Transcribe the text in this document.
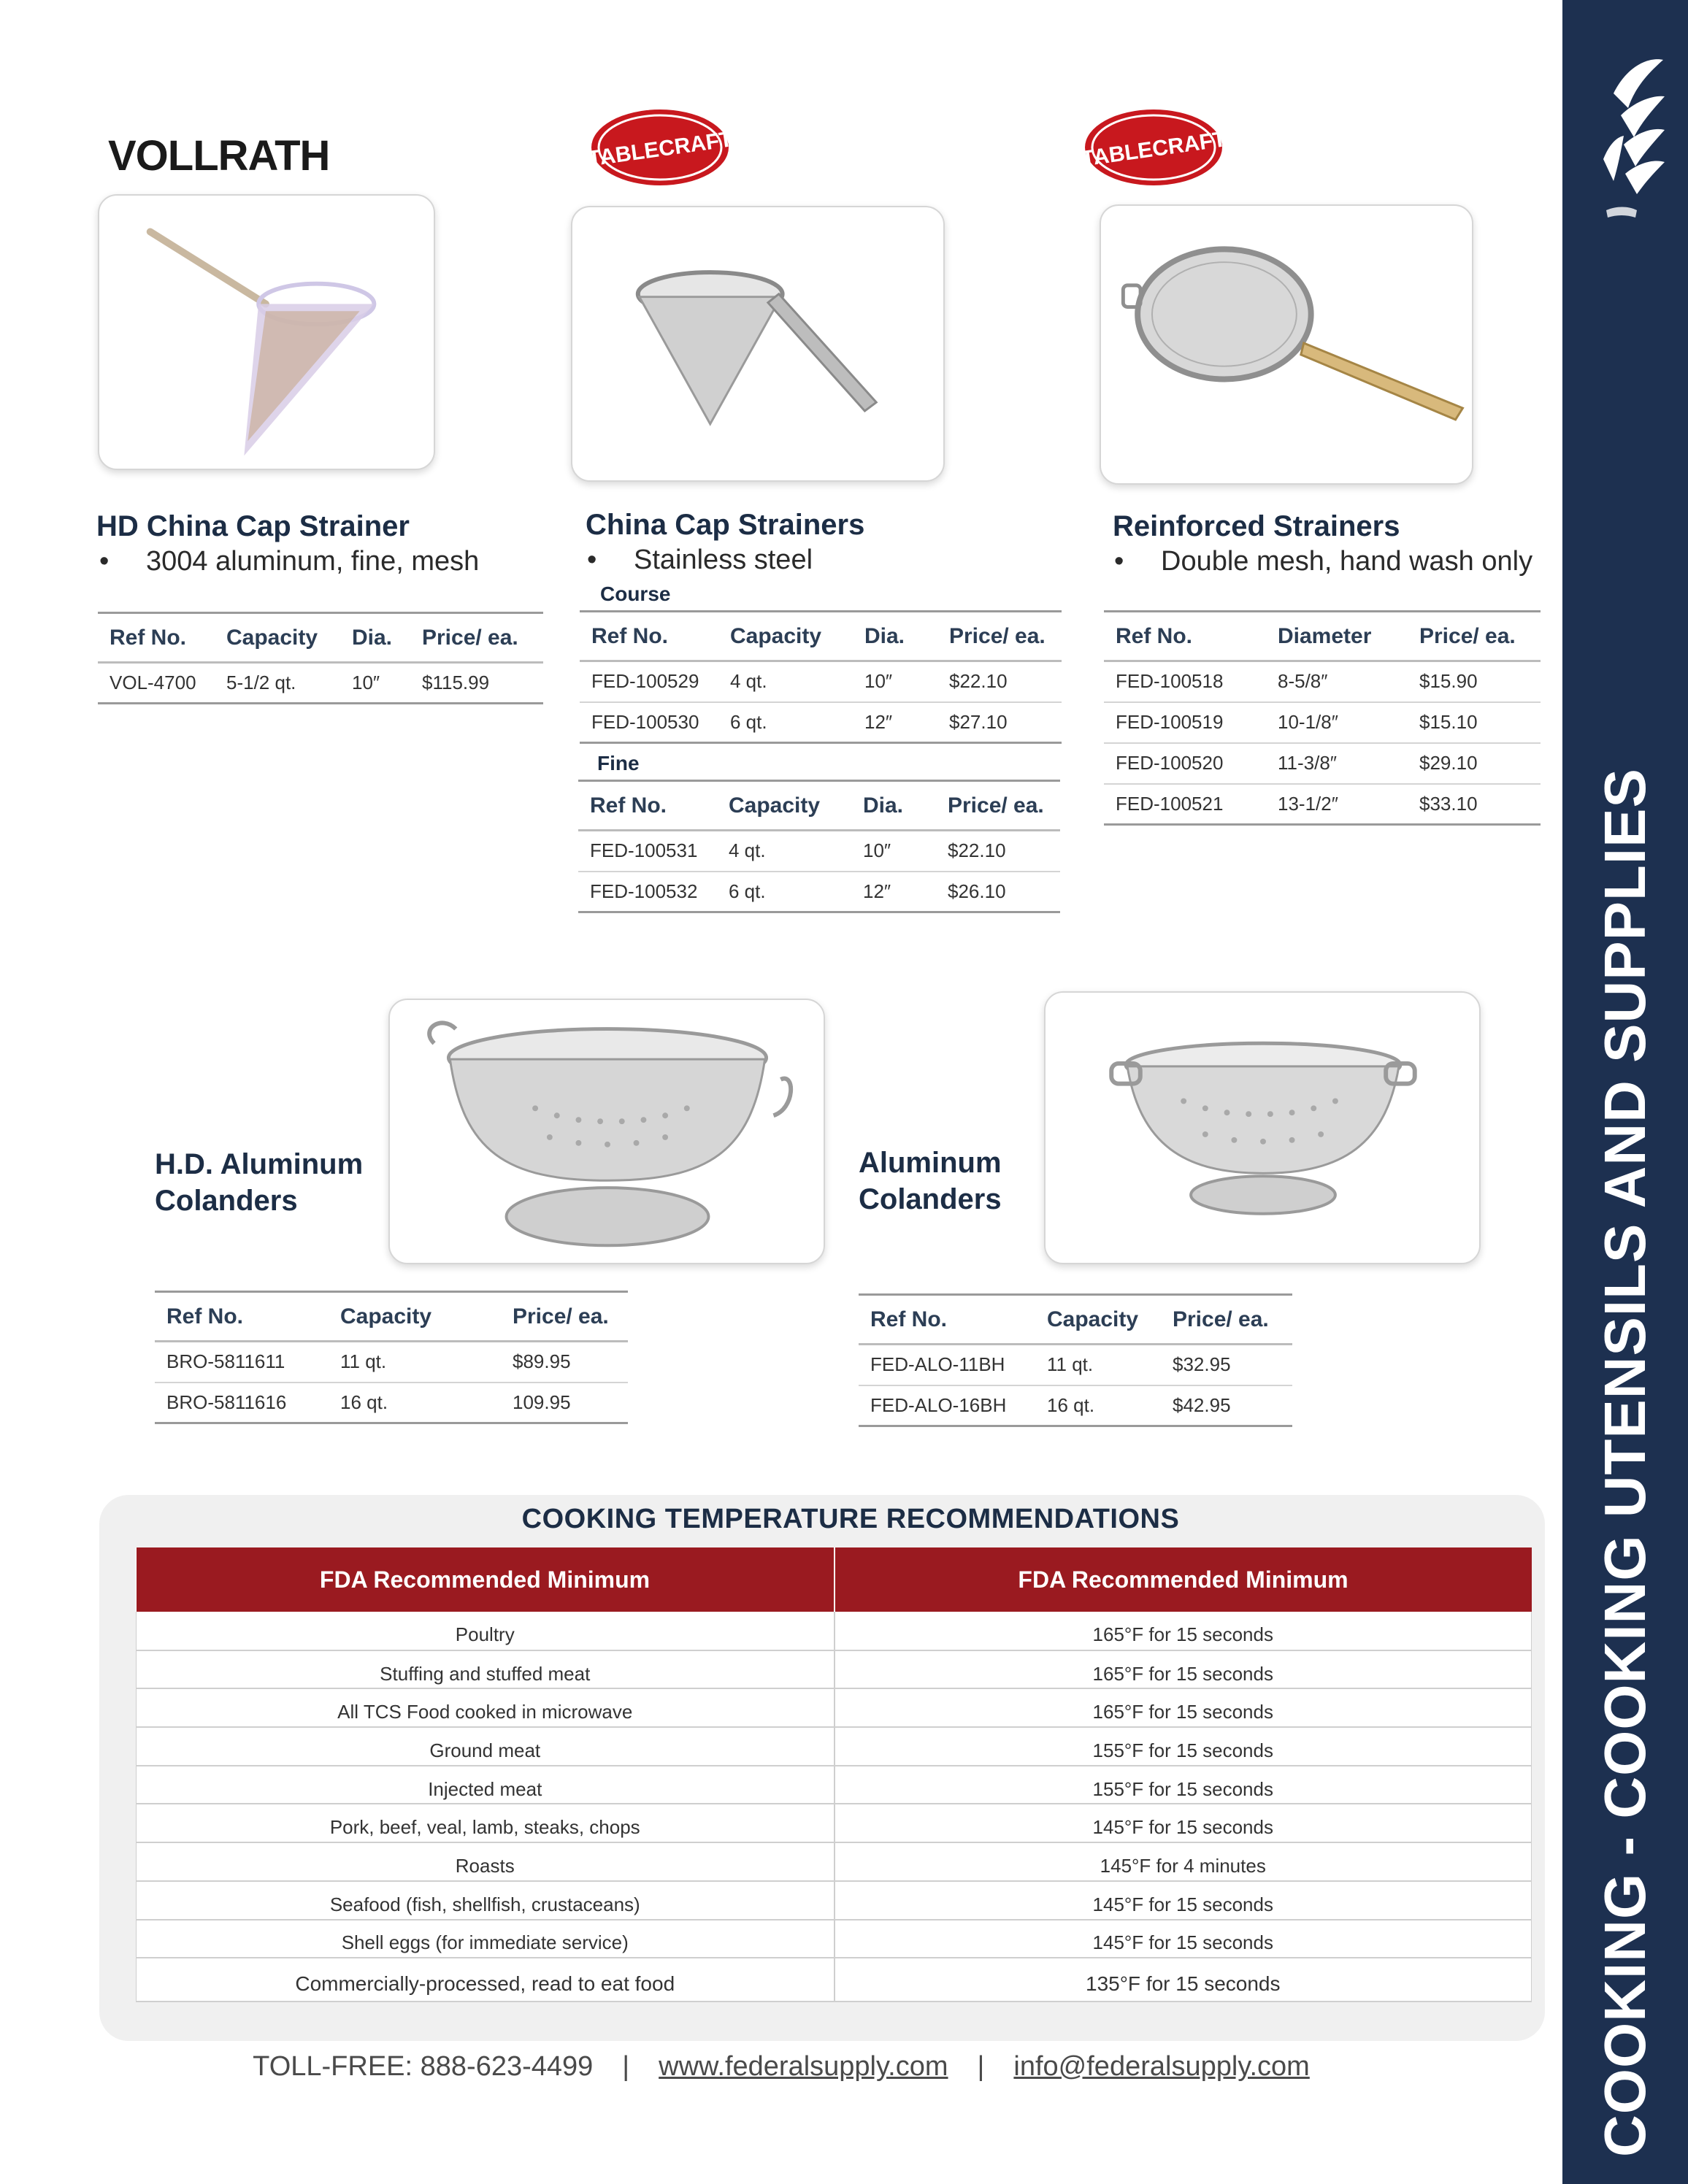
COOKING - COOKING UTENSILS AND SUPPLIES
VOLLRATH	TABLECRAFT	TABLECRAFT
HD China Cap Strainer
• 3004 aluminum, fine, mesh
Ref No.	Capacity	Dia.	Price/ ea.
VOL-4700	5-1/2 qt.	10″	$115.99
China Cap Strainers
• Stainless steel
Course
Ref No.	Capacity	Dia.	Price/ ea.
FED-100529	4 qt.	10″	$22.10
FED-100530	6 qt.	12″	$27.10
Fine
Ref No.	Capacity	Dia.	Price/ ea.
FED-100531	4 qt.	10″	$22.10
FED-100532	6 qt.	12″	$26.10
Reinforced Strainers
• Double mesh, hand wash only
Ref No.	Diameter	Price/ ea.
FED-100518	8-5/8″	$15.90
FED-100519	10-1/8″	$15.10
FED-100520	11-3/8″	$29.10
FED-100521	13-1/2″	$33.10
H.D. Aluminum
Colanders
Ref No.	Capacity	Price/ ea.
BRO-5811611	11 qt.	$89.95
BRO-5811616	16 qt.	109.95
Aluminum
Colanders
Ref No.	Capacity	Price/ ea.
FED-ALO-11BH	11 qt.	$32.95
FED-ALO-16BH	16 qt.	$42.95
COOKING TEMPERATURE RECOMMENDATIONS
FDA Recommended Minimum	FDA Recommended Minimum
Poultry	165°F for 15 seconds
Stuffing and stuffed meat	165°F for 15 seconds
All TCS Food cooked in microwave	165°F for 15 seconds
Ground meat	155°F for 15 seconds
Injected meat	155°F for 15 seconds
Pork, beef, veal, lamb, steaks, chops	145°F for 15 seconds
Roasts	145°F for 4 minutes
Seafood (fish, shellfish, crustaceans)	145°F for 15 seconds
Shell eggs (for immediate service)	145°F for 15 seconds
Commercially-processed, read to eat food	135°F for 15 seconds
TOLL-FREE: 888-623-4499 | www.federalsupply.com | info@federalsupply.com
